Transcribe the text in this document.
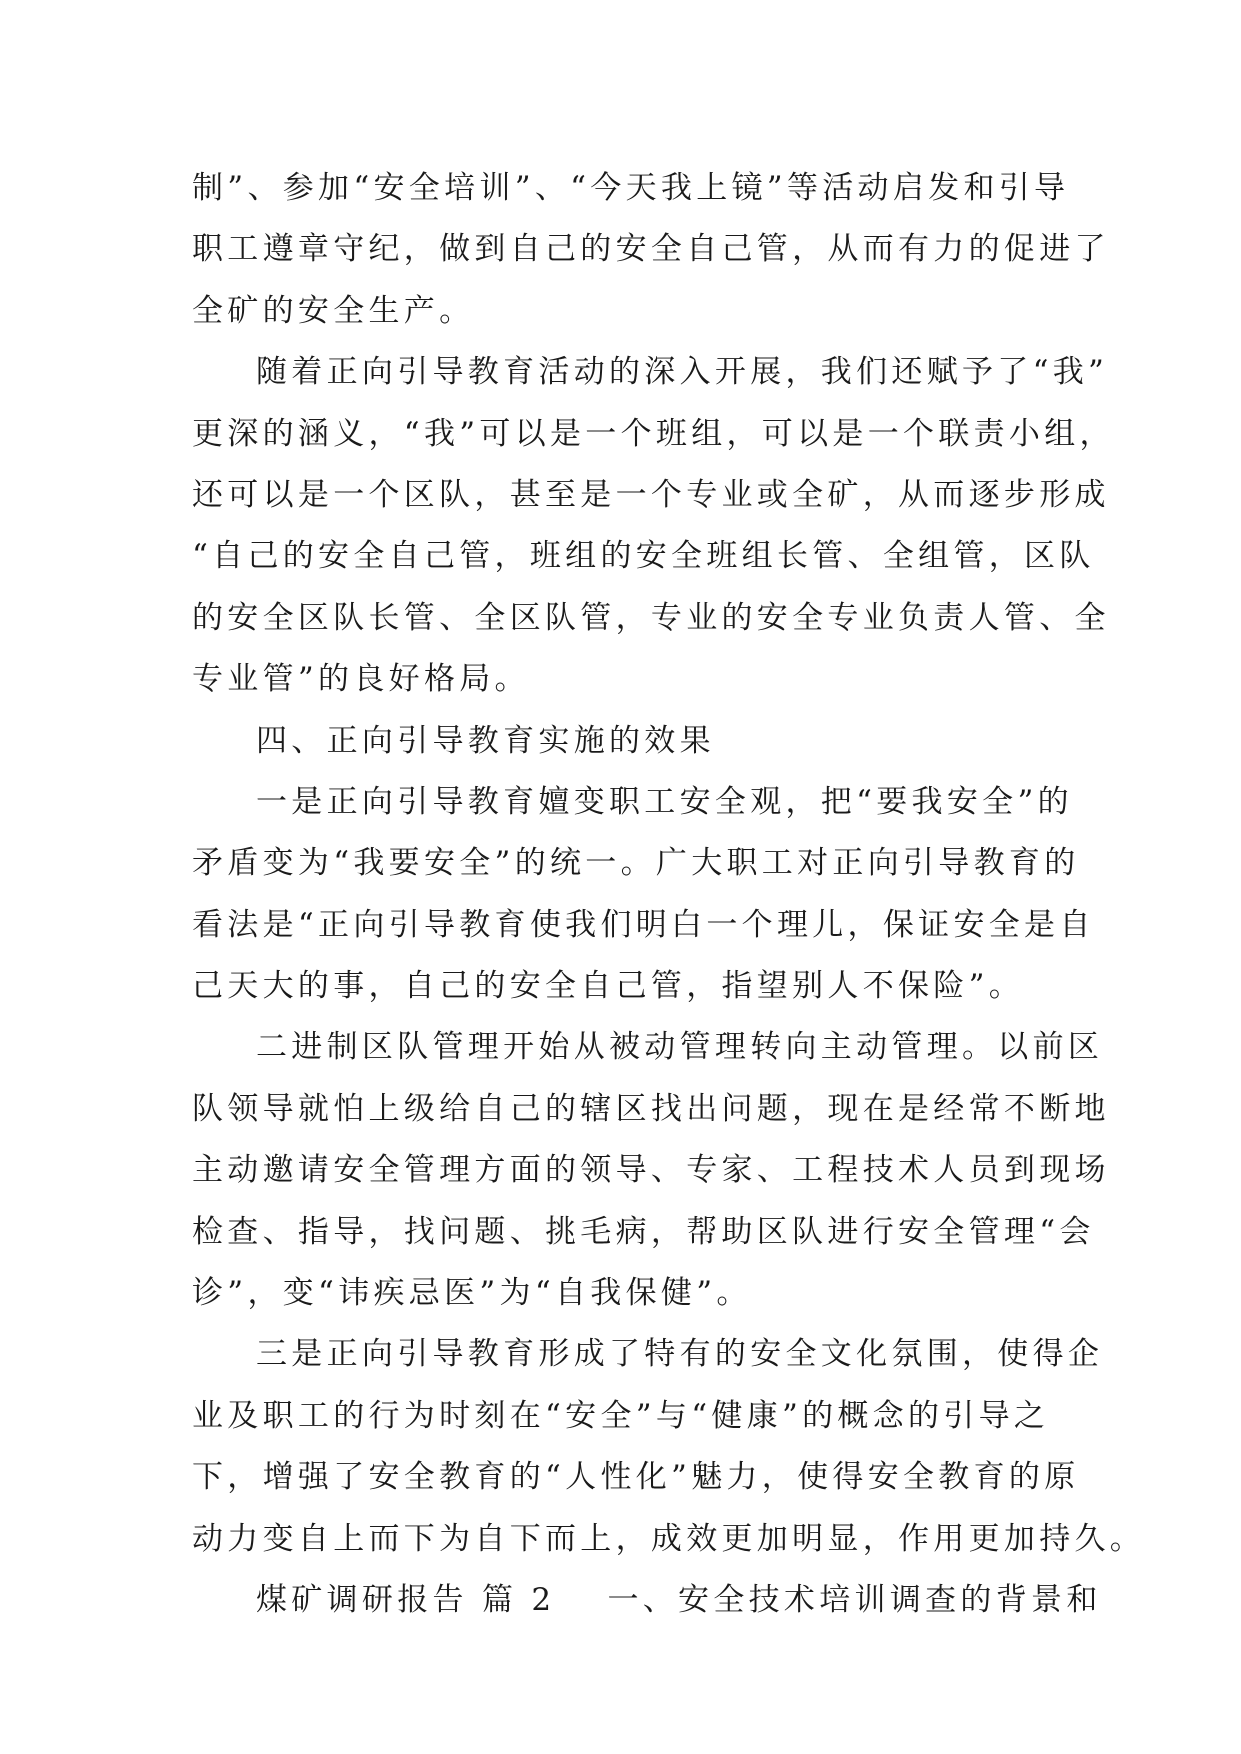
制”、参加“安全培训”、“今天我上镜”等活动启发和引导
职工遵章守纪，做到自己的安全自己管，从而有力的促进了
全矿的安全生产。
随着正向引导教育活动的深入开展，我们还赋予了“我”
更深的涵义，“我”可以是一个班组，可以是一个联责小组，
还可以是一个区队，甚至是一个专业或全矿，从而逐步形成
“自己的安全自己管，班组的安全班组长管、全组管，区队
的安全区队长管、全区队管，专业的安全专业负责人管、全
专业管”的良好格局。
四、正向引导教育实施的效果
一是正向引导教育嬗变职工安全观，把“要我安全”的
矛盾变为“我要安全”的统一。广大职工对正向引导教育的
看法是“正向引导教育使我们明白一个理儿，保证安全是自
己天大的事，自己的安全自己管，指望别人不保险”。
二进制区队管理开始从被动管理转向主动管理。以前区
队领导就怕上级给自己的辖区找出问题，现在是经常不断地
主动邀请安全管理方面的领导、专家、工程技术人员到现场
检查、指导，找问题、挑毛病，帮助区队进行安全管理“会
诊”，变“讳疾忌医”为“自我保健”。
三是正向引导教育形成了特有的安全文化氛围，使得企
业及职工的行为时刻在“安全”与“健康”的概念的引导之
下，增强了安全教育的“人性化”魅力，使得安全教育的原
动力变自上而下为自下而上，成效更加明显，作用更加持久。
煤矿调研报告 篇 2 一、安全技术培训调查的背景和
